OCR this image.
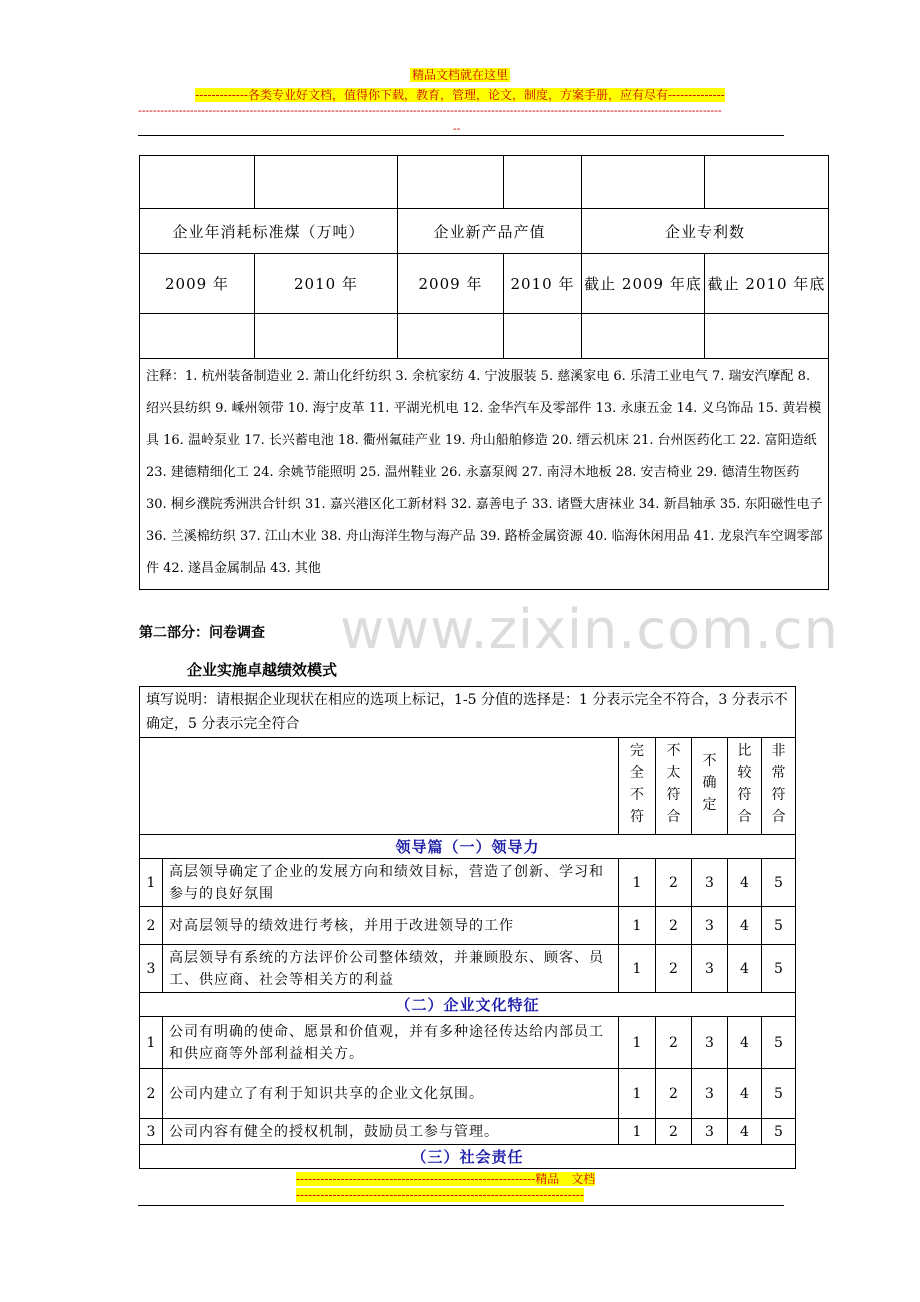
精品文档就在这里
-------------各类专业好文档，值得你下载，教育，管理，论文，制度，方案手册，应有尽有--------------
-------------------------------------------------------------------------------------------------------------------------------------------------------------
--
www.zixin.com.cn

企业年消耗标准煤（万吨）		企业新产品产值		企业专利数	
2009 年	2010 年	2009 年	2010 年	截止 2009 年底	截止 2010 年底

注释：1. 杭州装备制造业 2. 萧山化纤纺织 3. 余杭家纺 4. 宁波服装 5. 慈溪家电 6. 乐清工业电气 7. 瑞安汽摩配 8. 绍兴县纺织 9. 嵊州领带 10. 海宁皮革 11. 平湖光机电 12. 金华汽车及零部件 13. 永康五金 14. 义乌饰品 15. 黄岩模具 16. 温岭泵业 17. 长兴蓄电池 18. 衢州氟硅产业 19. 舟山船舶修造 20. 缙云机床 21. 台州医药化工 22. 富阳造纸 23. 建德精细化工 24. 余姚节能照明 25. 温州鞋业 26. 永嘉泵阀 27. 南浔木地板 28. 安吉椅业 29. 德清生物医药 30. 桐乡濮院秀洲洪合针织 31. 嘉兴港区化工新材料 32. 嘉善电子 33. 诸暨大唐袜业 34. 新昌轴承 35. 东阳磁性电子 36. 兰溪棉纺织 37. 江山木业 38. 舟山海洋生物与海产品 39. 路桥金属资源 40. 临海休闲用品 41. 龙泉汽车空调零部件 42. 遂昌金属制品 43. 其他					
第二部分：问卷调查
企业实施卓越绩效模式
填写说明：请根据企业现状在相应的选项上标记，1-5 分值的选择是：1 分表示完全不符合，3 分表示不确定，5 分表示完全符合						

		完全不符	不太符合	不确定	比较符合	非常符合

领导篇（一）领导力						
1	高层领导确定了企业的发展方向和绩效目标，营造了创新、学习和参与的良好氛围	1	2	3	4	5
2	对高层领导的绩效进行考核，并用于改进领导的工作	1	2	3	4	5
3	高层领导有系统的方法评价公司整体绩效，并兼顾股东、顾客、员工、供应商、社会等相关方的利益	1	2	3	4	5
（二）企业文化特征						
1	公司有明确的使命、愿景和价值观，并有多种途径传达给内部员工和供应商等外部利益相关方。	1	2	3	4	5
2	公司内建立了有利于知识共享的企业文化氛围。	1	2	3	4	5
3	公司内容有健全的授权机制，鼓励员工参与管理。	1	2	3	4	5
（三）社会责任						
-----------------------------------------------------------精品　文档
-----------------------------------------------------------------------
